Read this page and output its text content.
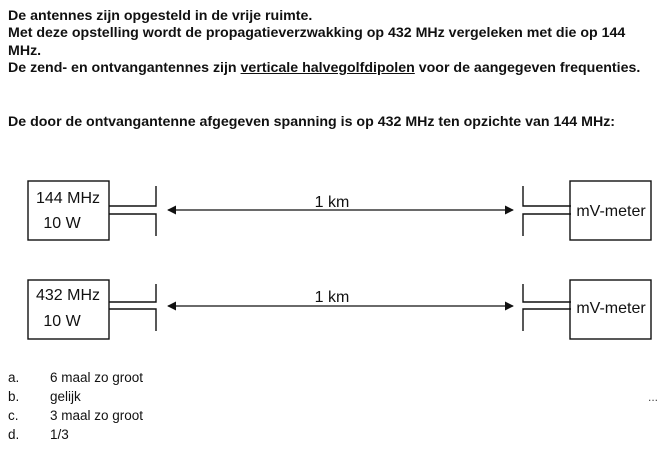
De antennes zijn opgesteld in de vrije ruimte.

Met deze opstelling wordt de propagatieverzwakking op 432 MHz vergeleken met die op 144 MHz.

De zend- en ontvangantennes zijn verticale halvegolfdipolen voor de aangegeven frequenties.

De door de ontvangantenne afgegeven spanning is op 432 MHz ten opzichte van 144 MHz:
144 MHz
10 W
1 km
mV-meter
432 MHz
10 W
1 km
mV-meter
a.	6 maal zo groot
b.	gelijk
c.	3 maal zo groot
d.	1/3
...
